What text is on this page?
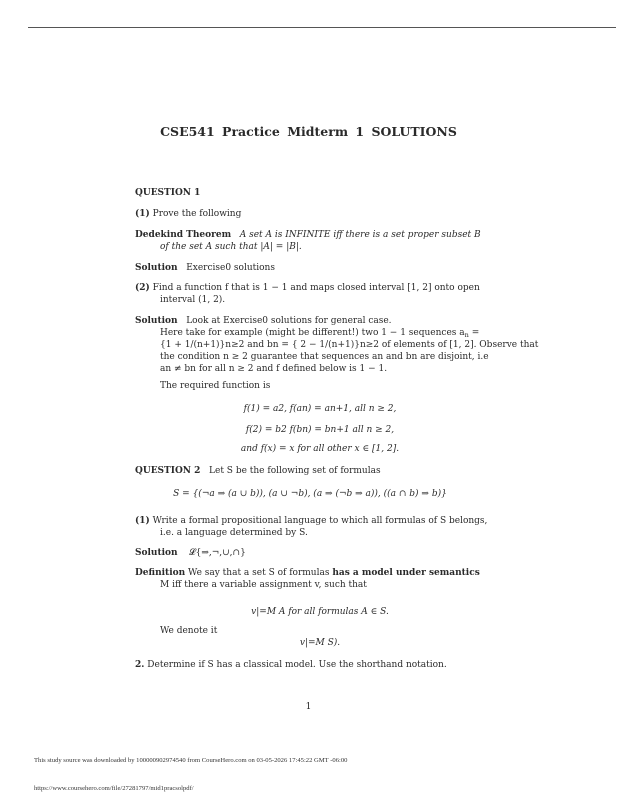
CSE541 Practice Midterm 1 SOLUTIONS
QUESTION 1
(1) Prove the following
Dedekind Theorem A set A is INFINITE iff there is a set proper subset B
of the set A such that |A| = |B|.
Solution Exercise0 solutions
(2) Find a function f that is 1 − 1 and maps closed interval [1, 2] onto open
interval (1, 2).
Solution Look at Exercise0 solutions for general case.
Here take for example (might be different!) two 1 − 1 sequences $a_n$ =
{1 + 1/(n+1)}n≥2 and bn = { 2 − 1/(n+1)}n≥2 of elements of [1, 2]. Observe that
the condition n ≥ 2 guarantee that sequences an and bn are disjoint, i.e
an ≠ bn for all n ≥ 2 and f defined below is 1 − 1.
The required function is
f(1) = a2, f(an) = an+1, all n ≥ 2,
f(2) = b2 f(bn) = bn+1 all n ≥ 2,
and f(x) = x for all other x ∈ [1, 2].
QUESTION 2 Let S be the following set of formulas
S = {(¬a ⇒ (a ∪ b)), (a ∪ ¬b), (a ⇒ (¬b ⇒ a)), ((a ∩ b) ⇒ b)}
(1) Write a formal propositional language to which all formulas of S belongs,
i.e. a language determined by S.
Solution 𝓛{⇒,¬,∪,∩}
Definition We say that a set S of formulas has a model under semantics
M iff there a variable assignment v, such that
v|=M A for all formulas A ∈ S.
We denote it
v|=M S).
2. Determine if S has a classical model. Use the shorthand notation.
1
This study source was downloaded by 100000902974540 from CourseHero.com on 03-05-2026 17:45:22 GMT -06:00
https://www.coursehero.com/file/27281797/mid1pracsolpdf/
